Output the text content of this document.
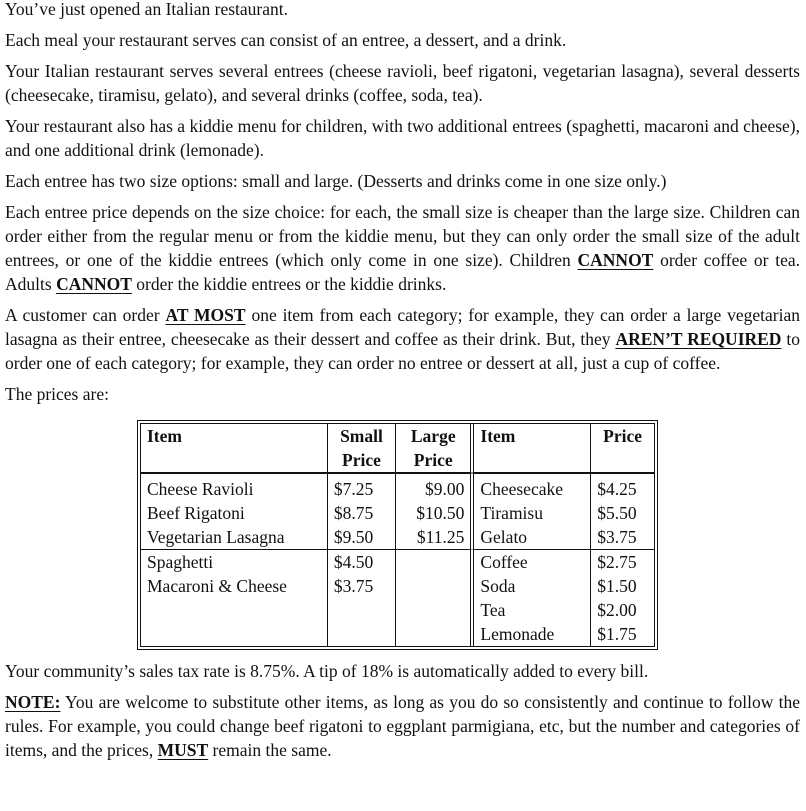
You’ve just opened an Italian restaurant.

Each meal your restaurant serves can consist of an entree, a dessert, and a drink.

Your Italian restaurant serves several entrees (cheese ravioli, beef rigatoni, vegetarian lasagna), several desserts (cheesecake, tiramisu, gelato), and several drinks (coffee, soda, tea).

Your restaurant also has a kiddie menu for children, with two additional entrees (spaghetti, macaroni and cheese), and one additional drink (lemonade).

Each entree has two size options: small and large. (Desserts and drinks come in one size only.)

Each entree price depends on the size choice: for each, the small size is cheaper than the large size. Children can order either from the regular menu or from the kiddie menu, but they can only order the small size of the adult entrees, or one of the kiddie entrees (which only come in one size). Children CANNOT order coffee or tea. Adults CANNOT order the kiddie entrees or the kiddie drinks.

A customer can order AT MOST one item from each category; for example, they can order a large vegetarian lasagna as their entree, cheesecake as their dessert and coffee as their drink. But, they AREN’T REQUIRED to order one of each category; for example, they can order no entree or dessert at all, just a cup of coffee.

The prices are:

Item	Small	Large	Item	Price
	Price	Price		

Cheese Ravioli	$7.25	$9.00	Cheesecake	$4.25
Beef Rigatoni	$8.75	$10.50	Tiramisu	$5.50
Vegetarian Lasagna	$9.50	$11.25	Gelato	$3.75
Spaghetti	$4.50		Coffee	$2.75
Macaroni & Cheese	$3.75		Soda	$1.50
			Tea	$2.00
			Lemonade	$1.75

Your community’s sales tax rate is 8.75%. A tip of 18% is automatically added to every bill.

NOTE: You are welcome to substitute other items, as long as you do so consistently and continue to follow the rules. For example, you could change beef rigatoni to eggplant parmigiana, etc, but the number and categories of items, and the prices, MUST remain the same.
